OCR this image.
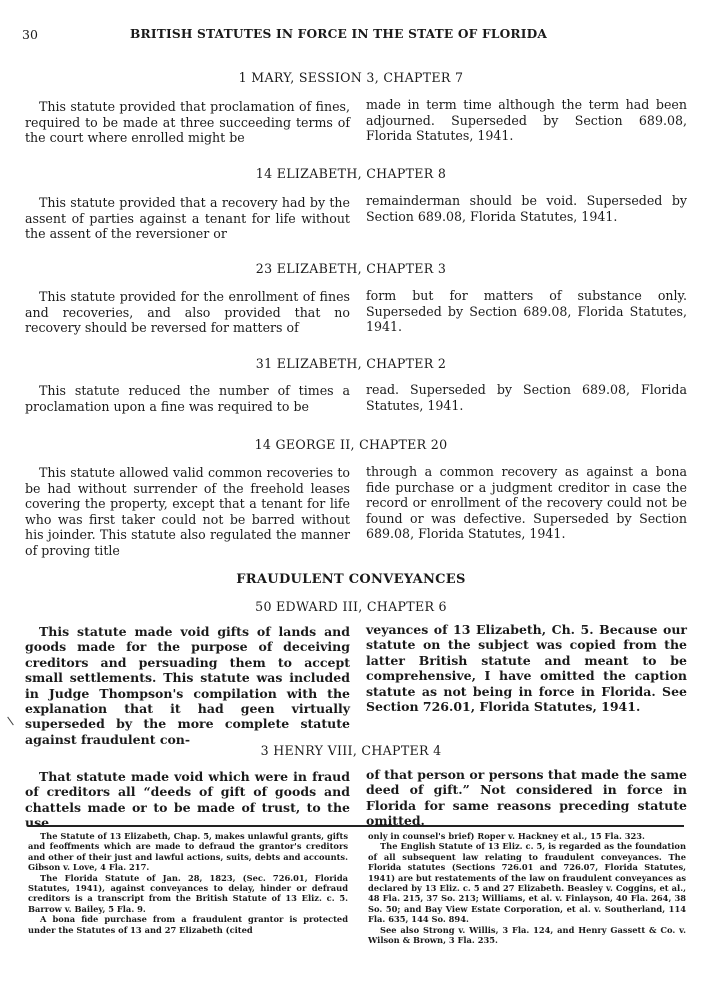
30	BRITISH STATUTES IN FORCE IN THE STATE OF FLORIDA
1 MARY, SESSION 3, CHAPTER 7

This statute provided that proclamation of fines, required to be made at three succeeding terms of the court where enrolled might be

made in term time although the term had been adjourned. Superseded by Section 689.08, Florida Statutes, 1941.

14 ELIZABETH, CHAPTER 8

This statute provided that a recovery had by the assent of parties against a tenant for life without the assent of the reversioner or

remainderman should be void. Superseded by Section 689.08, Florida Statutes, 1941.

23 ELIZABETH, CHAPTER 3

This statute provided for the enrollment of fines and recoveries, and also provided that no recovery should be reversed for matters of

form but for matters of substance only. Superseded by Section 689.08, Florida Statutes, 1941.

31 ELIZABETH, CHAPTER 2

This statute reduced the number of times a proclamation upon a fine was required to be

read. Superseded by Section 689.08, Florida Statutes, 1941.

14 GEORGE II, CHAPTER 20

This statute allowed valid common recoveries to be had without surrender of the freehold leases covering the property, except that a tenant for life who was first taker could not be barred without his joinder. This statute also regulated the manner of proving title

through a common recovery as against a bona fide purchase or a judgment creditor in case the record or enrollment of the recovery could not be found or was defective. Superseded by Section 689.08, Florida Statutes, 1941.

FRAUDULENT CONVEYANCES
50 EDWARD III, CHAPTER 6

This statute made void gifts of lands and goods made for the purpose of deceiving creditors and persuading them to accept small settlements. This statute was included in Judge Thompson's compilation with the explanation that it had geen virtually superseded by the more complete statute against fraudulent con-

veyances of 13 Elizabeth, Ch. 5. Because our statute on the subject was copied from the latter British statute and meant to be comprehensive, I have omitted the caption statute as not being in force in Florida. See Section 726.01, Florida Statutes, 1941.

3 HENRY VIII, CHAPTER 4

That statute made void which were in fraud of creditors all “deeds of gift of goods and chattels made or to be made of trust, to the use

of that person or persons that made the same deed of gift.” Not considered in force in Florida for same reasons preceding statute omitted.

The Statute of 13 Elizabeth, Chap. 5, makes unlawful grants, gifts and feoffments which are made to defraud the grantor's creditors and other of their just and lawful actions, suits, debts and accounts. Gibson v. Love, 4 Fla. 217.

The Florida Statute of Jan. 28, 1823, (Sec. 726.01, Florida Statutes, 1941), against conveyances to delay, hinder or defraud creditors is a transcript from the British Statute of 13 Eliz. c. 5. Barrow v. Bailey, 5 Fla. 9.

A bona fide purchase from a fraudulent grantor is protected under the Statutes of 13 and 27 Elizabeth (cited

only in counsel's brief) Roper v. Hackney et al., 15 Fla. 323.

The English Statute of 13 Eliz. c. 5, is regarded as the foundation of all subsequent law relating to fraudulent conveyances. The Florida statutes (Sections 726.01 and 726.07, Florida Statutes, 1941) are but restatements of the law on fraudulent conveyances as declared by 13 Eliz. c. 5 and 27 Elizabeth. Beasley v. Coggins, et al., 48 Fla. 215, 37 So. 213; Williams, et al. v. Finlayson, 40 Fla. 264, 38 So. 50; and Bay View Estate Corporation, et al. v. Southerland, 114 Fla. 635, 144 So. 894.

See also Strong v. Willis, 3 Fla. 124, and Henry Gassett & Co. v. Wilson & Brown, 3 Fla. 235.
